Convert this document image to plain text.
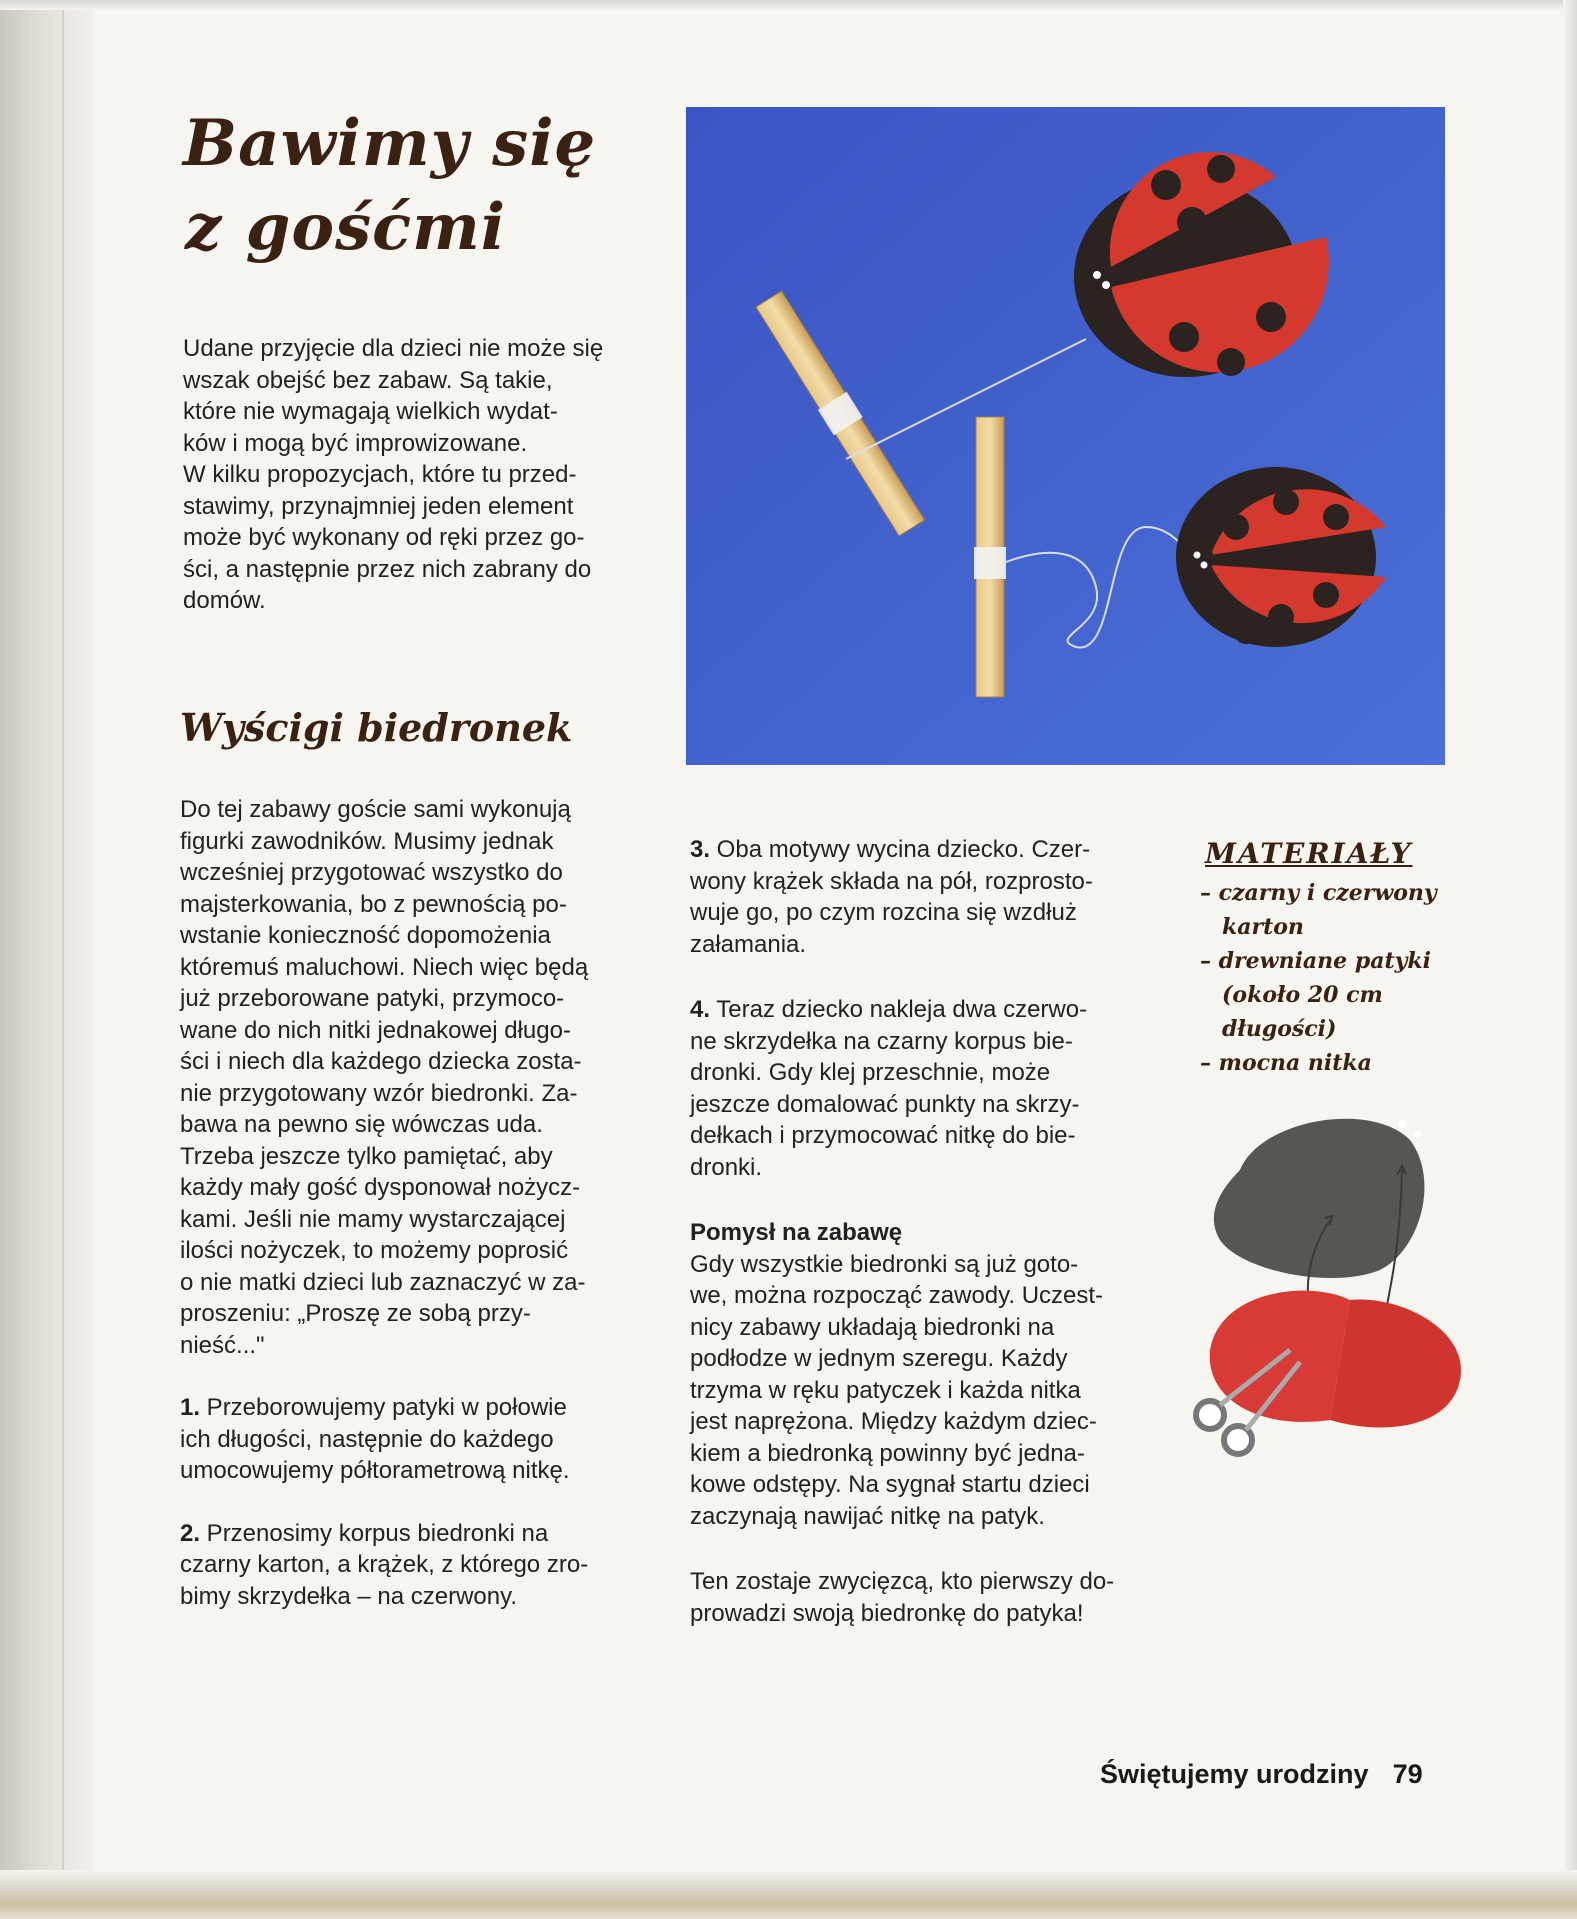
Bawimy się
z gośćmi

Udane przyjęcie dla dzieci nie może się

wszak obejść bez zabaw. Są takie,

które nie wymagają wielkich wydat-

ków i mogą być improwizowane.

W kilku propozycjach, które tu przed-

stawimy, przynajmniej jeden element

może być wykonany od ręki przez go-

ści, a następnie przez nich zabrany do

domów.

Wyścigi biedronek

Do tej zabawy goście sami wykonują

figurki zawodników. Musimy jednak

wcześniej przygotować wszystko do

majsterkowania, bo z pewnością po-

wstanie konieczność dopomożenia

któremuś maluchowi. Niech więc będą

już przeborowane patyki, przymoco-

wane do nich nitki jednakowej długo-

ści i niech dla każdego dziecka zosta-

nie przygotowany wzór biedronki. Za-

bawa na pewno się wówczas uda.

Trzeba jeszcze tylko pamiętać, aby

każdy mały gość dysponował nożycz-

kami. Jeśli nie mamy wystarczającej

ilości nożyczek, to możemy poprosić

o nie matki dzieci lub zaznaczyć w za-

proszeniu: „Proszę ze sobą przy-

nieść..."

1. Przeborowujemy patyki w połowie

ich długości, następnie do każdego

umocowujemy półtorametrową nitkę.

2. Przenosimy korpus biedronki na

czarny karton, a krążek, z którego zro-

bimy skrzydełka – na czerwony.

3. Oba motywy wycina dziecko. Czer-

wony krążek składa na pół, rozprosto-

wuje go, po czym rozcina się wzdłuż

załamania.

4. Teraz dziecko nakleja dwa czerwo-

ne skrzydełka na czarny korpus bie-

dronki. Gdy klej przeschnie, może

jeszcze domalować punkty na skrzy-

dełkach i przymocować nitkę do bie-

dronki.

Pomysł na zabawę

Gdy wszystkie biedronki są już goto-

we, można rozpocząć zawody. Uczest-

nicy zabawy układają biedronki na

podłodze w jednym szeregu. Każdy

trzyma w ręku patyczek i każda nitka

jest naprężona. Między każdym dziec-

kiem a biedronką powinny być jedna-

kowe odstępy. Na sygnał startu dzieci

zaczynają nawijać nitkę na patyk.

Ten zostaje zwycięzcą, kto pierwszy do-

prowadzi swoją biedronkę do patyka!

MATERIAŁY

– czarny i czerwony

karton

– drewniane patyki

(około 20 cm długości)

– mocna nitka

Świętujemy urodziny 79
